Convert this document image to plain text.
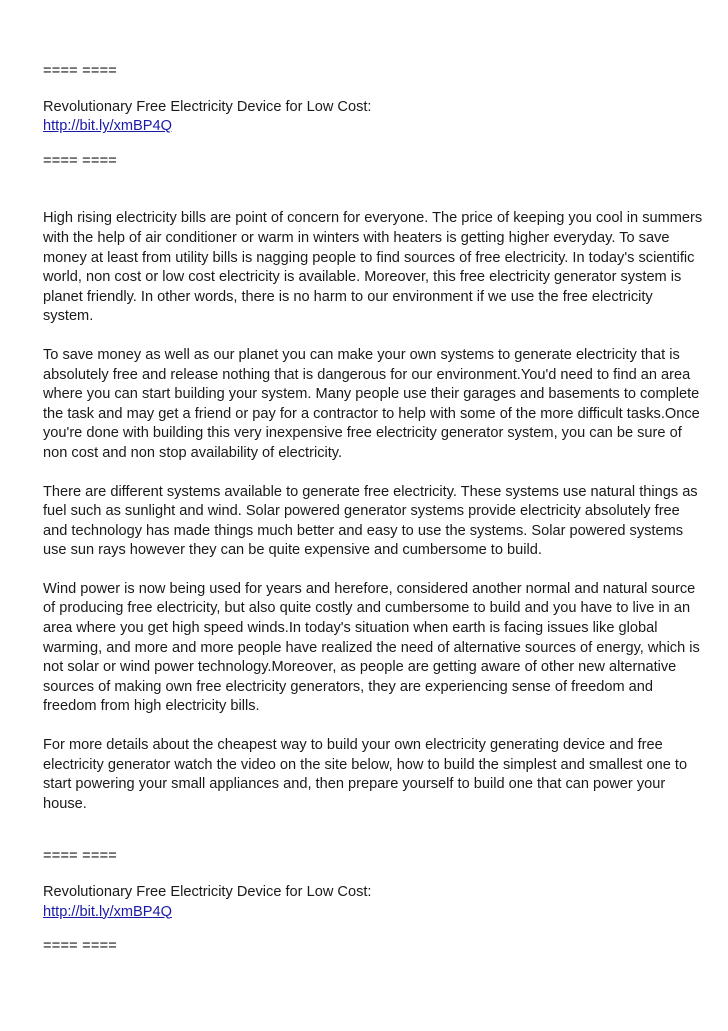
==== ====

Revolutionary Free Electricity Device for Low Cost:

http://bit.ly/xmBP4Q

==== ====

High rising electricity bills are point of concern for everyone. The price of keeping you cool in summers with the help of air conditioner or warm in winters with heaters is getting higher everyday. To save money at least from utility bills is nagging people to find sources of free electricity. In today's scientific world, non cost or low cost electricity is available. Moreover, this free electricity generator system is planet friendly. In other words, there is no harm to our environment if we use the free electricity system.

To save money as well as our planet you can make your own systems to generate electricity that is absolutely free and release nothing that is dangerous for our environment.You'd need to find an area where you can start building your system. Many people use their garages and basements to complete the task and may get a friend or pay for a contractor to help with some of the more difficult tasks.Once you're done with building this very inexpensive free electricity generator system, you can be sure of non cost and non stop availability of electricity.

There are different systems available to generate free electricity. These systems use natural things as fuel such as sunlight and wind. Solar powered generator systems provide electricity absolutely free and technology has made things much better and easy to use the systems. Solar powered systems use sun rays however they can be quite expensive and cumbersome to build.

Wind power is now being used for years and herefore, considered another normal and natural source of producing free electricity, but also quite costly and cumbersome to build and you have to live in an area where you get high speed winds.In today's situation when earth is facing issues like global warming, and more and more people have realized the need of alternative sources of energy, which is not solar or wind power technology.Moreover, as people are getting aware of other new alternative sources of making own free electricity generators, they are experiencing sense of freedom and freedom from high electricity bills.

For more details about the cheapest way to build your own electricity generating device and free electricity generator watch the video on the site below, how to build the simplest and smallest one to start powering your small appliances and, then prepare yourself to build one that can power your house.

==== ====

Revolutionary Free Electricity Device for Low Cost:

http://bit.ly/xmBP4Q

==== ====
